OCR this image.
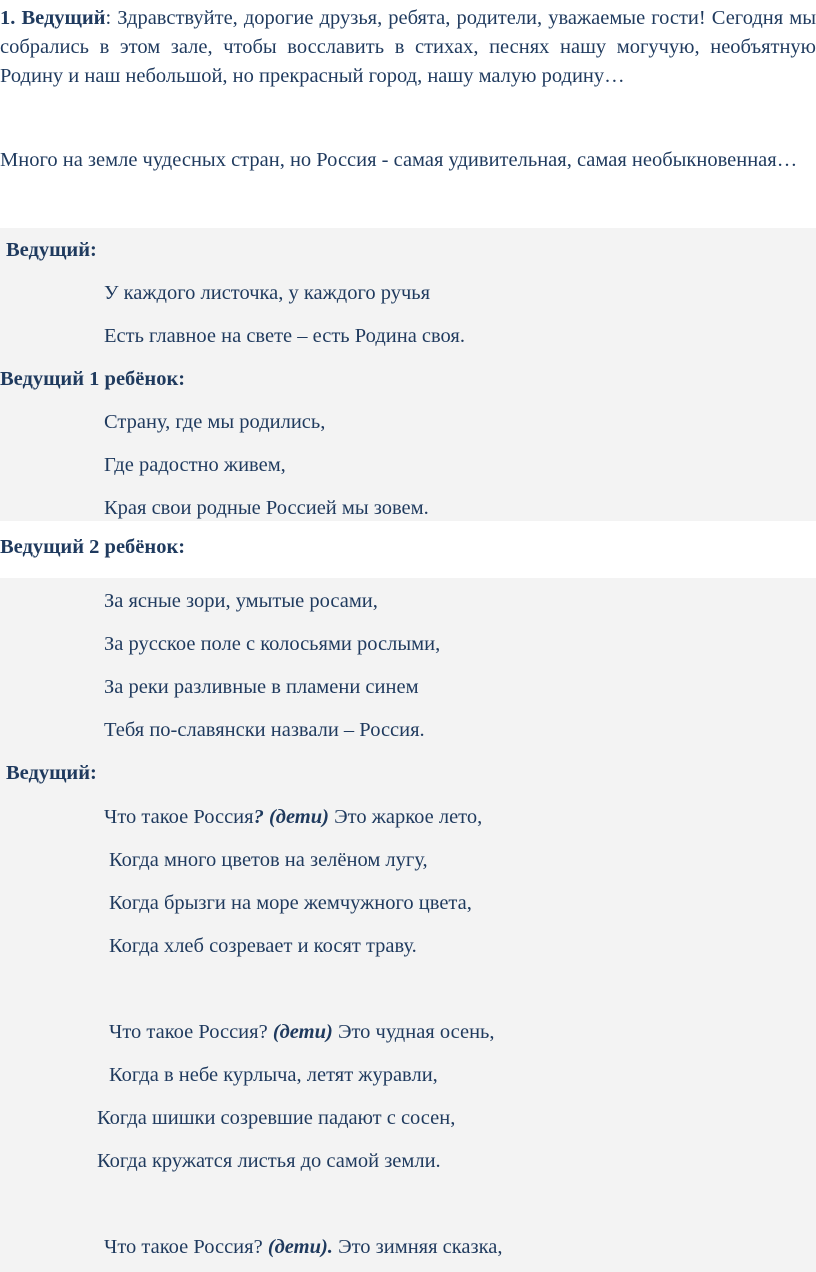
1. Ведущий: Здравствуйте, дорогие друзья, ребята, родители, уважаемые гости! Сегодня мы собрались в этом зале, чтобы восславить в стихах, песнях нашу могучую, необъятную Родину и наш небольшой, но прекрасный город, нашу малую родину…

Много на земле чудесных стран, но Россия - самая удивительная, самая необыкновенная…

Ведущий:
У каждого листочка, у каждого ручья
Есть главное на свете – есть Родина своя.
Ведущий 1 ребёнок:
Страну, где мы родились,
Где радостно живем,
Края свои родные Россией мы зовем.
Ведущий 2 ребёнок:
За ясные зори, умытые росами,
За русское поле с колосьями рослыми,
За реки разливные в пламени синем
Тебя по-славянски назвали – Россия.
Ведущий:
Что такое Россия? (дети) Это жаркое лето,
Когда много цветов на зелёном лугу,
Когда брызги на море жемчужного цвета,
Когда хлеб созревает и косят траву.
Что такое Россия? (дети) Это чудная осень,
Когда в небе курлыча, летят журавли,
Когда шишки созревшие падают с сосен,
Когда кружатся листья до самой земли.
Что такое Россия? (дети). Это зимняя сказка,
